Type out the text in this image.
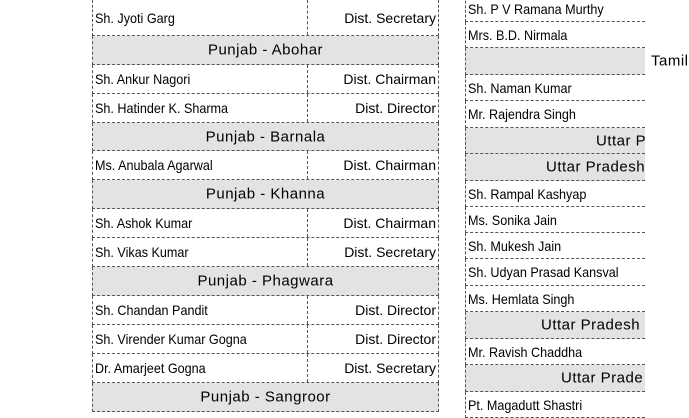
Sh. Jyoti Garg	Dist. Secretary
Punjab - Abohar
Sh. Ankur Nagori	Dist. Chairman
Sh. Hatinder K. Sharma	Dist. Director
Punjab - Barnala
Ms. Anubala Agarwal	Dist. Chairman
Punjab - Khanna
Sh. Ashok Kumar	Dist. Chairman
Sh. Vikas Kumar	Dist. Secretary
Punjab - Phagwara
Sh. Chandan Pandit	Dist. Director
Sh. Virender Kumar Gogna	Dist. Director
Dr. Amarjeet Gogna	Dist. Secretary
Punjab - Sangroor
Sh. P V Ramana Murthy
Mrs. B.D. Nirmala
Tamil
Sh. Naman Kumar
Mr. Rajendra Singh
Uttar P
Uttar Pradesh
Sh. Rampal Kashyap
Ms. Sonika Jain
Sh. Mukesh Jain
Sh. Udyan Prasad Kansval
Ms. Hemlata Singh
Uttar Pradesh
Mr. Ravish Chaddha
Uttar Prade
Pt. Magadutt Shastri
